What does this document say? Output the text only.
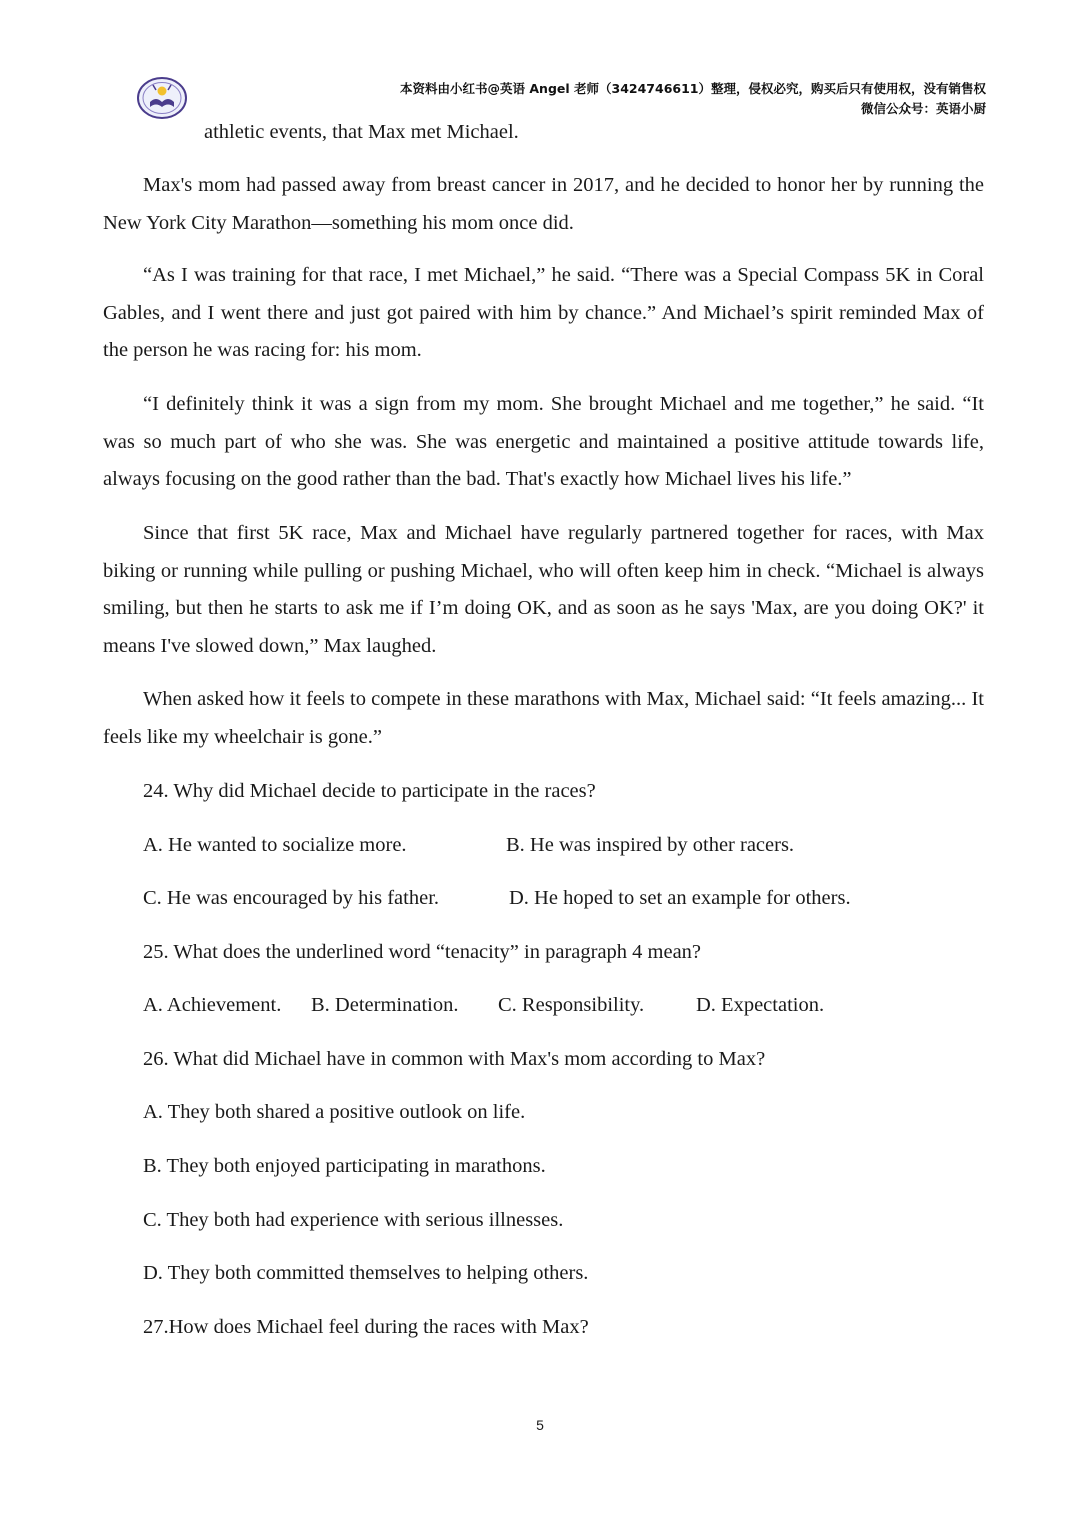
本资料由小红书@英语 Angel 老师（3424746611）整理，侵权必究，购买后只有使用权，没有销售权
微信公众号：英语小厨

athletic events, that Max met Michael.

Max's mom had passed away from breast cancer in 2017, and he decided to honor her by running the New York City Marathon—something his mom once did.

“As I was training for that race, I met Michael,” he said. “There was a Special Compass 5K in Coral Gables, and I went there and just got paired with him by chance.” And Michael’s spirit reminded Max of the person he was racing for: his mom.

“I definitely think it was a sign from my mom. She brought Michael and me together,” he said. “It was so much part of who she was. She was energetic and maintained a positive attitude towards life, always focusing on the good rather than the bad. That's exactly how Michael lives his life.”

Since that first 5K race, Max and Michael have regularly partnered together for races, with Max biking or running while pulling or pushing Michael, who will often keep him in check. “Michael is always smiling, but then he starts to ask me if I’m doing OK, and as soon as he says 'Max, are you doing OK?' it means I've slowed down,” Max laughed.

When asked how it feels to compete in these marathons with Max, Michael said: “It feels amazing... It feels like my wheelchair is gone.”

24. Why did Michael decide to participate in the races?
A. He wanted to socialize more.	B. He was inspired by other racers.
C. He was encouraged by his father.	D. He hoped to set an example for others.
25. What does the underlined word “tenacity” in paragraph 4 mean?
A. Achievement. B. Determination. C. Responsibility.	D. Expectation.
26. What did Michael have in common with Max's mom according to Max?
A. They both shared a positive outlook on life.
B. They both enjoyed participating in marathons.
C. They both had experience with serious illnesses.
D. They both committed themselves to helping others.
27.How does Michael feel during the races with Max?
5
